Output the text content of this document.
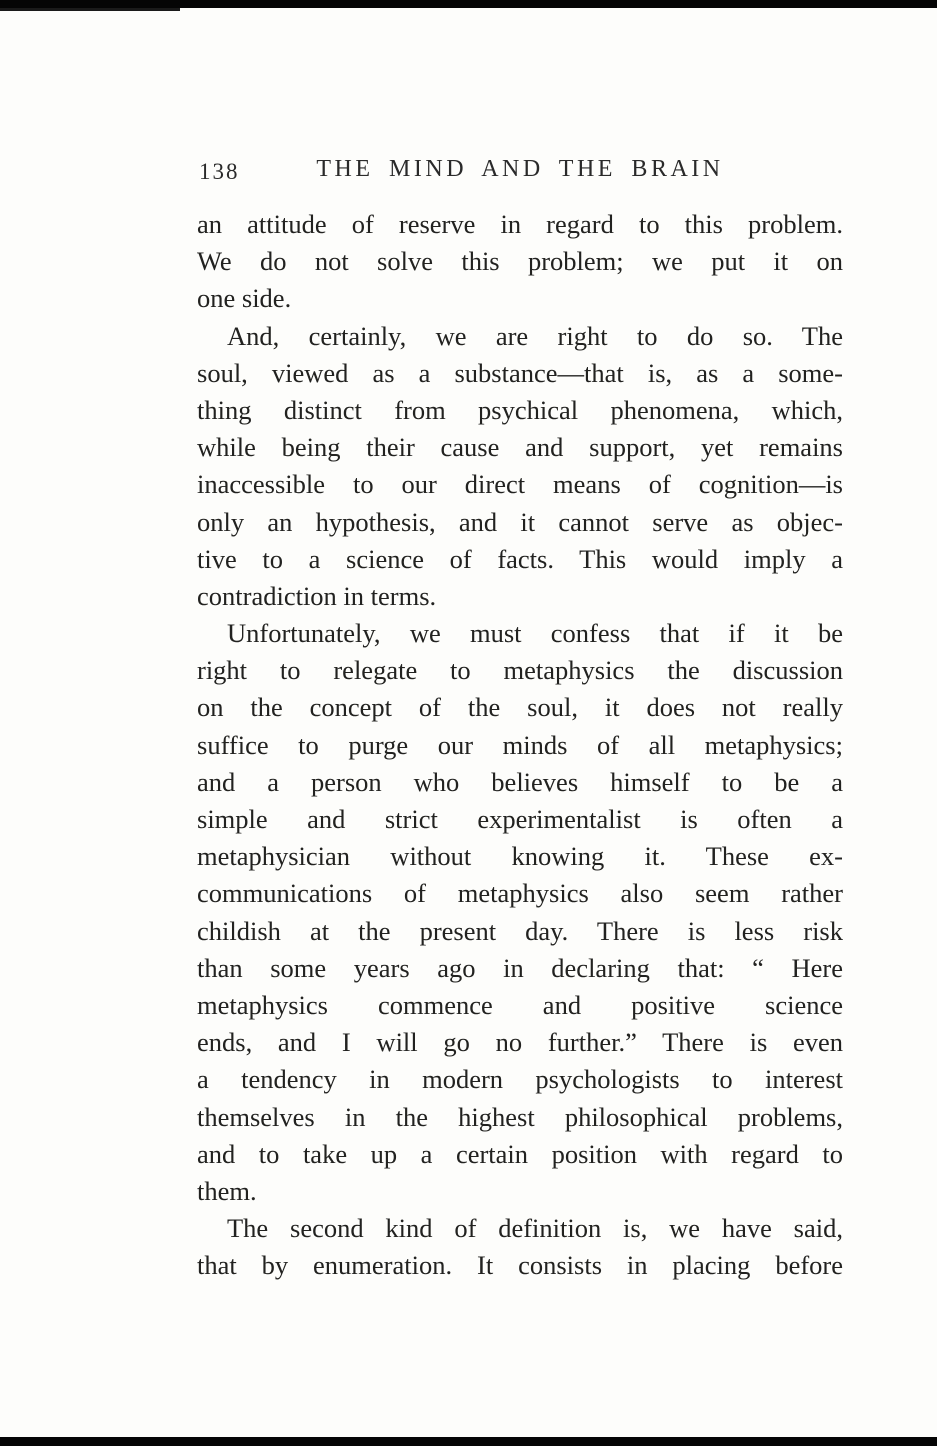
138	THE MIND AND THE BRAIN
an attitude of reserve in regard to this problem.
We do not solve this problem; we put it on
one side.
And, certainly, we are right to do so. The
soul, viewed as a substance—that is, as a some-
thing distinct from psychical phenomena, which,
while being their cause and support, yet remains
inaccessible to our direct means of cognition—is
only an hypothesis, and it cannot serve as objec-
tive to a science of facts. This would imply a
contradiction in terms.
Unfortunately, we must confess that if it be
right to relegate to metaphysics the discussion
on the concept of the soul, it does not really
suffice to purge our minds of all metaphysics;
and a person who believes himself to be a
simple and strict experimentalist is often a
metaphysician without knowing it. These ex-
communications of metaphysics also seem rather
childish at the present day. There is less risk
than some years ago in declaring that: “ Here
metaphysics commence and positive science
ends, and I will go no further.” There is even
a tendency in modern psychologists to interest
themselves in the highest philosophical problems,
and to take up a certain position with regard to
them.
The second kind of definition is, we have said,
that by enumeration. It consists in placing before
